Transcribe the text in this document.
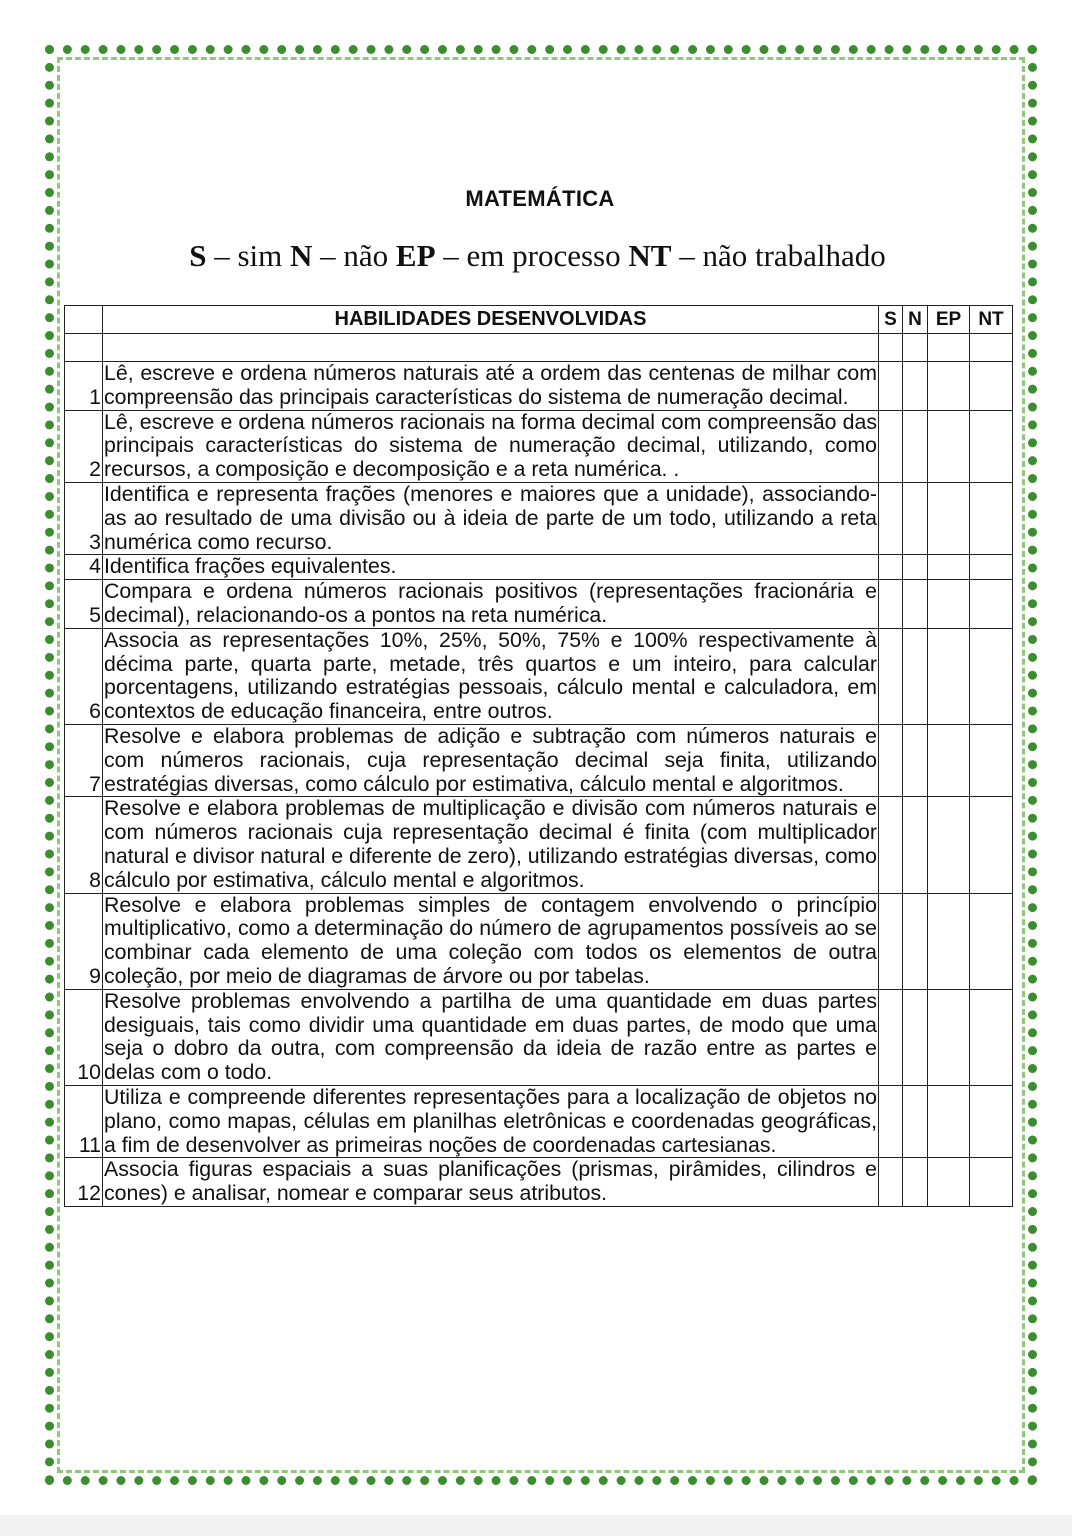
MATEMÁTICA
S – sim N – não EP – em processo NT – não trabalhado
	HABILIDADES DESENVOLVIDAS	S	N	EP	NT

1	Lê, escreve e ordena números naturais até a ordem das centenas de milhar com compreensão das principais características do sistema de numeração decimal.				
2	Lê, escreve e ordena números racionais na forma decimal com compreensão das principais características do sistema de numeração decimal, utilizando, como recursos, a composição e decomposição e a reta numérica. .				
3	Identifica e representa frações (menores e maiores que a unidade), associando-as ao resultado de uma divisão ou à ideia de parte de um todo, utilizando a reta numérica como recurso.				
4	Identifica frações equivalentes.				
5	Compara e ordena números racionais positivos (representações fracionária e decimal), relacionando-os a pontos na reta numérica.				
6	Associa as representações 10%, 25%, 50%, 75% e 100% respectivamente à décima parte, quarta parte, metade, três quartos e um inteiro, para calcular porcentagens, utilizando estratégias pessoais, cálculo mental e calculadora, em contextos de educação financeira, entre outros.				
7	Resolve e elabora problemas de adição e subtração com números naturais e com números racionais, cuja representação decimal seja finita, utilizando estratégias diversas, como cálculo por estimativa, cálculo mental e algoritmos.				
8	Resolve e elabora problemas de multiplicação e divisão com números naturais e com números racionais cuja representação decimal é finita (com multiplicador natural e divisor natural e diferente de zero), utilizando estratégias diversas, como cálculo por estimativa, cálculo mental e algoritmos.				
9	Resolve e elabora problemas simples de contagem envolvendo o princípio multiplicativo, como a determinação do número de agrupamentos possíveis ao se combinar cada elemento de uma coleção com todos os elementos de outra coleção, por meio de diagramas de árvore ou por tabelas.				
10	Resolve problemas envolvendo a partilha de uma quantidade em duas partes desiguais, tais como dividir uma quantidade em duas partes, de modo que uma seja o dobro da outra, com compreensão da ideia de razão entre as partes e delas com o todo.				
11	Utiliza e compreende diferentes representações para a localização de objetos no plano, como mapas, células em planilhas eletrônicas e coordenadas geográficas, a fim de desenvolver as primeiras noções de coordenadas cartesianas.				
12	Associa figuras espaciais a suas planificações (prismas, pirâmides, cilindros e cones) e analisar, nomear e comparar seus atributos.				
